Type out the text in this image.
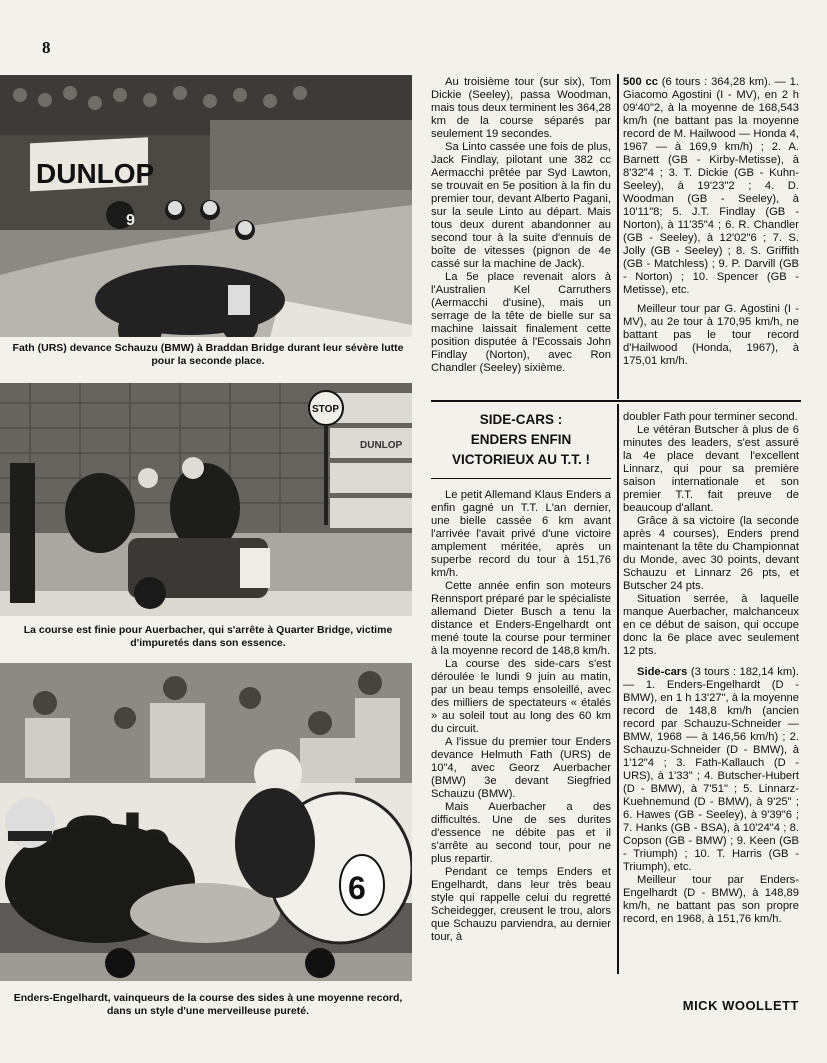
8
DUNLOP
9
Fath (URS) devance Schauzu (BMW) à Braddan Bridge durant leur sévère lutte pour la seconde place.
DUNLOP
STOP
La course est finie pour Auerbacher, qui s'arrête à Quarter Bridge, victime d'impuretés dans son essence.
6
Enders-Engelhardt, vainqueurs de la course des sides à une moyenne record, dans un style d'une merveilleuse pureté.

Au troisième tour (sur six), Tom Dickie (Seeley), passa Woodman, mais tous deux terminent les 364,28 km de la course séparés par seulement 19 secondes.

Sa Linto cassée une fois de plus, Jack Findlay, pilotant une 382 cc Aermacchi prêtée par Syd Lawton, se trouvait en 5e position à la fin du premier tour, devant Alberto Pagani, sur la seule Linto au départ. Mais tous deux durent abandonner au second tour à la suite d'ennuis de boîte de vitesses (pignon de 4e cassé sur la machine de Jack).

La 5e place revenait alors à l'Australien Kel Carruthers (Aermacchi d'usine), mais un serrage de la tête de bielle sur sa machine laissait finalement cette position disputée à l'Ecossais John Findlay (Norton), avec Ron Chandler (Seeley) sixième.

500 cc (6 tours : 364,28 km). — 1. Giacomo Agostini (I - MV), en 2 h 09'40"2, à la moyenne de 168,543 km/h (ne battant pas la moyenne record de M. Hailwood — Honda 4, 1967 — à 169,9 km/h) ; 2. A. Barnett (GB - Kirby-Metisse), à 8'32"4 ; 3. T. Dickie (GB - Kuhn-Seeley), à 19'23"2 ; 4. D. Woodman (GB - Seeley), à 10'11"8; 5. J.T. Findlay (GB - Norton), à 11'35"4 ; 6. R. Chandler (GB - Seeley), à 12'02"6 ; 7. S. Jolly (GB - Seeley) ; 8. S. Griffith (GB - Matchless) ; 9. P. Darvill (GB - Norton) ; 10. Spencer (GB - Metisse), etc.

Meilleur tour par G. Agostini (I - MV), au 2e tour à 170,95 km/h, ne battant pas le tour record d'Hailwood (Honda, 1967), à 175,01 km/h.

SIDE-CARS :
ENDERS ENFIN
VICTORIEUX AU T.T. !

Le petit Allemand Klaus Enders a enfin gagné un T.T. L'an dernier, une bielle cassée 6 km avant l'arrivée l'avait privé d'une victoire amplement méritée, après un superbe record du tour à 151,76 km/h.

Cette année enfin son moteurs Rennsport préparé par le spécialiste allemand Dieter Busch a tenu la distance et Enders-Engelhardt ont mené toute la course pour terminer à la moyenne record de 148,8 km/h.

La course des side-cars s'est déroulée le lundi 9 juin au matin, par un beau temps ensoleillé, avec des milliers de spectateurs « étalés » au soleil tout au long des 60 km du circuit.

A l'issue du premier tour Enders devance Helmuth Fath (URS) de 10"4, avec Georz Auerbacher (BMW) 3e devant Siegfried Schauzu (BMW).

Mais Auerbacher a des difficultés. Une de ses durites d'essence ne débite pas et il s'arrête au second tour, pour ne plus repartir.

Pendant ce temps Enders et Engelhardt, dans leur très beau style qui rappelle celui du regretté Scheidegger, creusent le trou, alors que Schauzu parviendra, au dernier tour, à

doubler Fath pour terminer second.

Le vétéran Butscher à plus de 6 minutes des leaders, s'est assuré la 4e place devant l'excellent Linnarz, qui pour sa première saison internationale et son premier T.T. fait preuve de beaucoup d'allant.

Grâce à sa victoire (la seconde après 4 courses), Enders prend maintenant la tête du Championnat du Monde, avec 30 points, devant Schauzu et Linnarz 26 pts, et Butscher 24 pts.

Situation serrée, à laquelle manque Auerbacher, malchanceux en ce début de saison, qui occupe donc la 6e place avec seulement 12 pts.

Side-cars (3 tours : 182,14 km). — 1. Enders-Engelhardt (D - BMW), en 1 h 13'27", à la moyenne record de 148,8 km/h (ancien record par Schauzu-Schneider — BMW, 1968 — à 146,56 km/h) ; 2. Schauzu-Schneider (D - BMW), à 1'12"4 ; 3. Fath-Kallauch (D - URS), à 1'33" ; 4. Butscher-Hubert (D - BMW), à 7'51" ; 5. Linnarz-Kuehnemund (D - BMW), à 9'25" ; 6. Hawes (GB - Seeley), à 9'39"6 ; 7. Hanks (GB - BSA), à 10'24"4 ; 8. Copson (GB - BMW) ; 9. Keen (GB - Triumph) ; 10. T. Harris (GB - Triumph), etc.

Meilleur tour par Enders-Engelhardt (D - BMW), à 148,89 km/h, ne battant pas son propre record, en 1968, à 151,76 km/h.

MICK WOOLLETT
